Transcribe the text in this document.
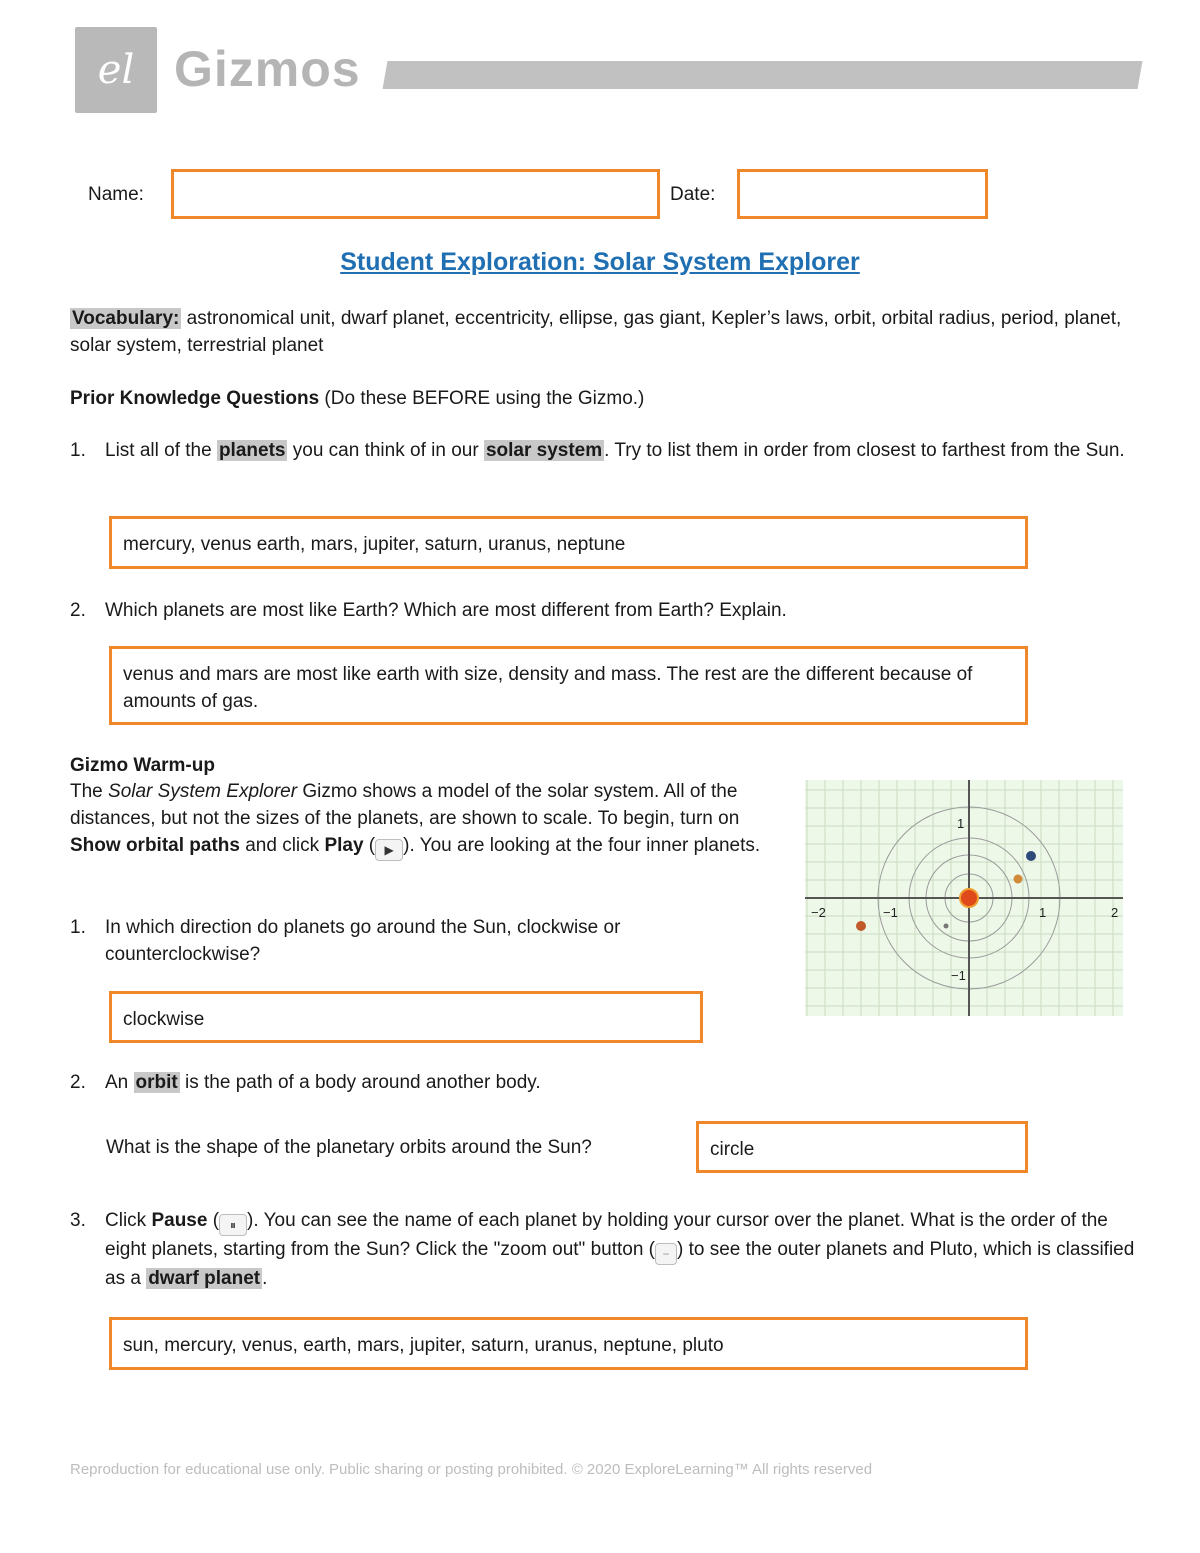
el Gizmos
Name:	Date:
Student Exploration: Solar System Explorer
Vocabulary: astronomical unit, dwarf planet, eccentricity, ellipse, gas giant, Kepler’s laws, orbit, orbital radius, period, planet, solar system, terrestrial planet
Prior Knowledge Questions (Do these BEFORE using the Gizmo.)
1. List all of the planets you can think of in our solar system . Try to list them in order from closest to farthest from the Sun.

mercury, venus earth, mars, jupiter, saturn, uranus, neptune
2. Which planets are most like Earth? Which are most different from Earth? Explain.

venus and mars are most like earth with size, density and mass. The rest are the different because of amounts of gas.
Gizmo Warm-up
The Solar System Explorer Gizmo shows a model of the solar system. All of the distances, but not the sizes of the planets, are shown to scale. To begin, turn on Show orbital paths and click Play ( ▶ ). You are looking at the four inner planets.
−2	−1	1	2
1
−1
1. In which direction do planets go around the Sun, clockwise or counterclockwise?

clockwise
2. An orbit is the path of a body around another body.

What is the shape of the planetary orbits around the Sun?	circle
3. Click Pause ( ⏸ ). You can see the name of each planet by holding your cursor over the planet. What is the order of the eight planets, starting from the Sun? Click the "zoom out" button ( − ) to see the outer planets and Pluto, which is classified as a dwarf planet .

sun, mercury, venus, earth, mars, jupiter, saturn, uranus, neptune, pluto
Reproduction for educational use only. Public sharing or posting prohibited. © 2020 ExploreLearning™ All rights reserved
